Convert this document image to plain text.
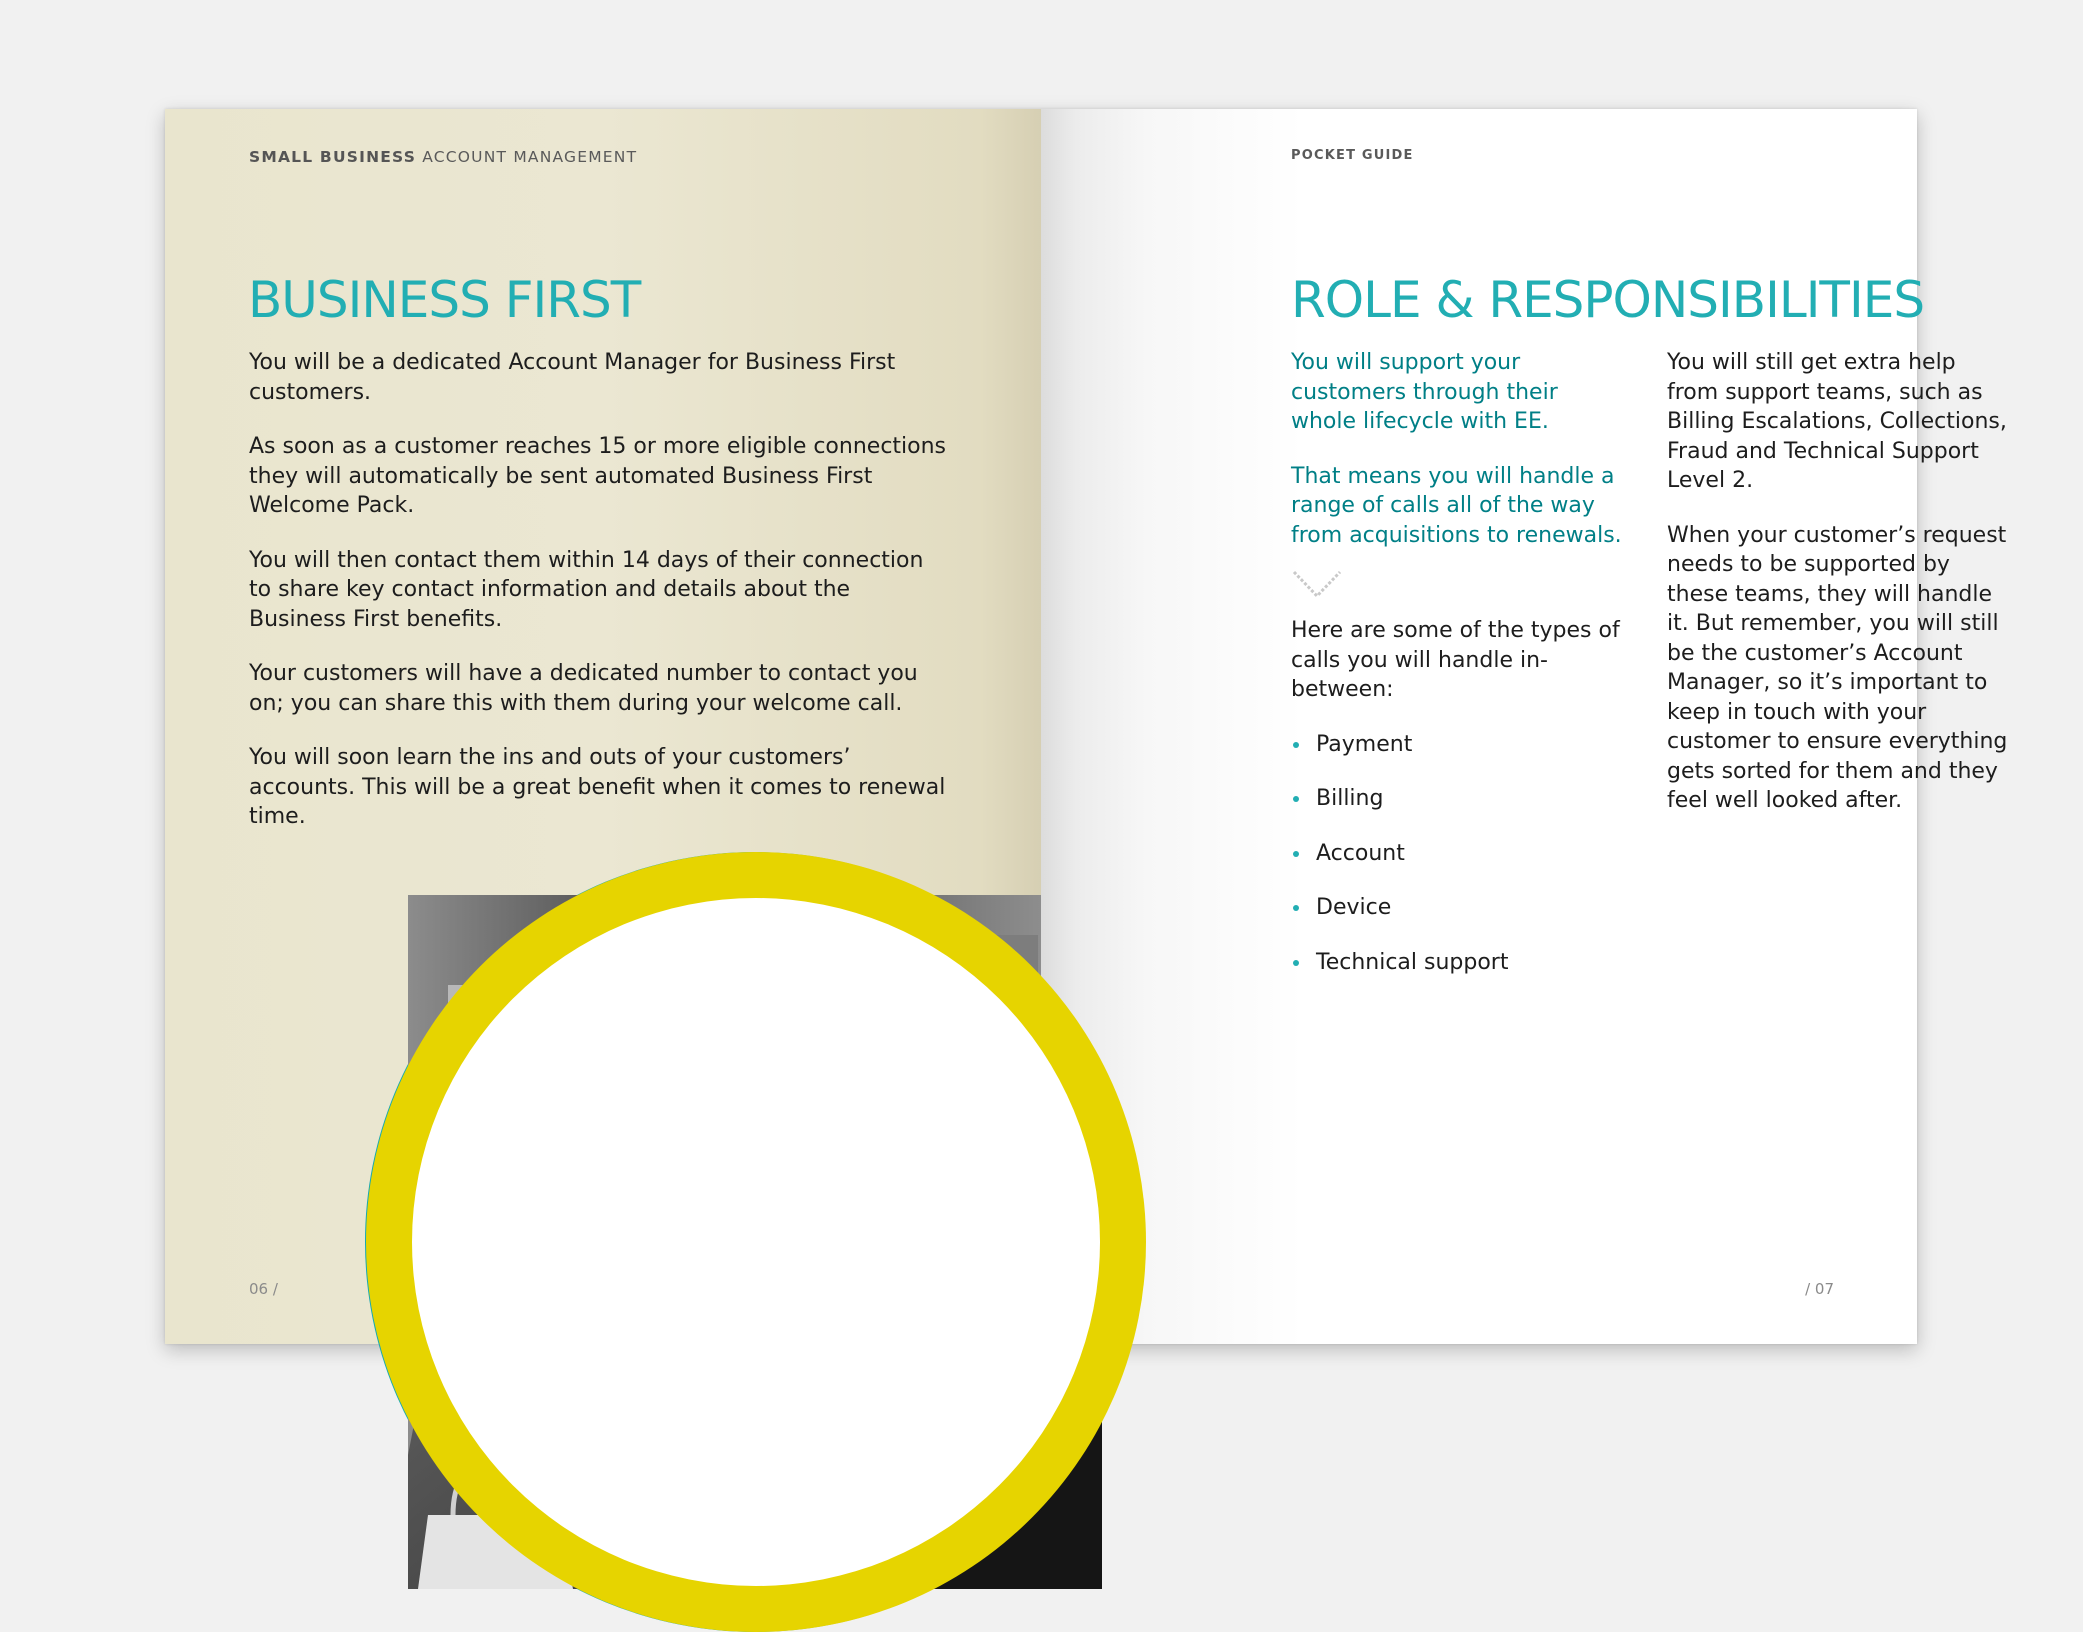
SMALL BUSINESS ACCOUNT MANAGEMENT
BUSINESS FIRST

You will be a dedicated Account Manager for Business First customers.

As soon as a customer reaches 15 or more eligible connections they will automatically be sent automated Business First Welcome Pack.

You will then contact them within 14 days of their connection to share key contact information and details about the Business First benefits.

Your customers will have a dedicated number to contact you on; you can share this with them during your welcome call.

You will soon learn the ins and outs of your customers’ accounts. This will be a great benefit when it comes to renewal time.

06 /
POCKET GUIDE
ROLE & RESPONSIBILITIES

You will support your customers through their whole lifecycle with EE.

That means you will handle a range of calls all of the way from acquisitions to renewals.

Here are some of the types of calls you will handle in-between:

Payment
Billing
Account
Device
Technical support

You will still get extra help from support teams, such as Billing Escalations, Collections, Fraud and Technical Support Level 2.

When your customer’s request needs to be supported by these teams, they will handle it. But remember, you will still be the customer’s Account Manager, so it’s important to keep in touch with your customer to ensure everything gets sorted for them and they feel well looked after.

/ 07
